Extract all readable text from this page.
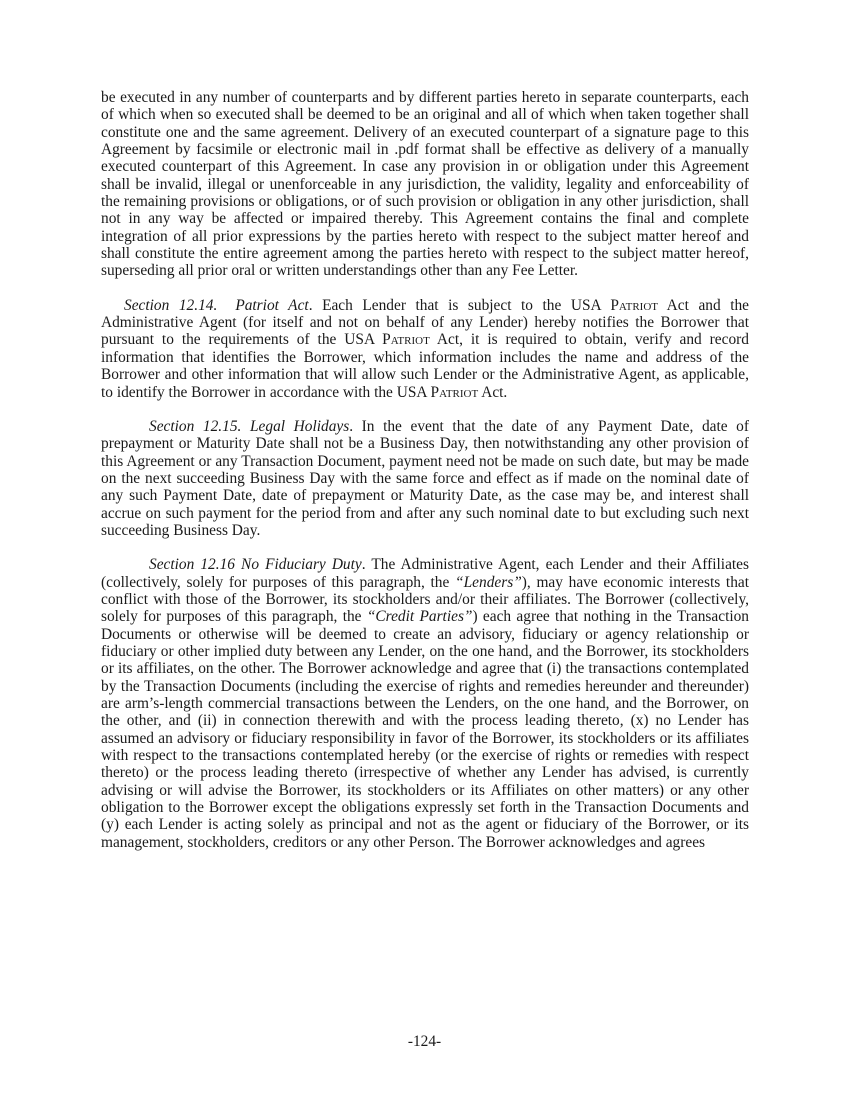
be executed in any number of counterparts and by different parties hereto in separate counterparts, each of which when so executed shall be deemed to be an original and all of which when taken together shall constitute one and the same agreement. Delivery of an executed counterpart of a signature page to this Agreement by facsimile or electronic mail in .pdf format shall be effective as delivery of a manually executed counterpart of this Agreement. In case any provision in or obligation under this Agreement shall be invalid, illegal or unenforceable in any jurisdiction, the validity, legality and enforceability of the remaining provisions or obligations, or of such provision or obligation in any other jurisdiction, shall not in any way be affected or impaired thereby. This Agreement contains the final and complete integration of all prior expressions by the parties hereto with respect to the subject matter hereof and shall constitute the entire agreement among the parties hereto with respect to the subject matter hereof, superseding all prior oral or written understandings other than any Fee Letter.

Section 12.14. Patriot Act. Each Lender that is subject to the USA Patriot Act and the Administrative Agent (for itself and not on behalf of any Lender) hereby notifies the Borrower that pursuant to the requirements of the USA Patriot Act, it is required to obtain, verify and record information that identifies the Borrower, which information includes the name and address of the Borrower and other information that will allow such Lender or the Administrative Agent, as applicable, to identify the Borrower in accordance with the USA Patriot Act.

Section 12.15. Legal Holidays. In the event that the date of any Payment Date, date of prepayment or Maturity Date shall not be a Business Day, then notwithstanding any other provision of this Agreement or any Transaction Document, payment need not be made on such date, but may be made on the next succeeding Business Day with the same force and effect as if made on the nominal date of any such Payment Date, date of prepayment or Maturity Date, as the case may be, and interest shall accrue on such payment for the period from and after any such nominal date to but excluding such next succeeding Business Day.

Section 12.16 No Fiduciary Duty. The Administrative Agent, each Lender and their Affiliates (collectively, solely for purposes of this paragraph, the “Lenders”), may have economic interests that conflict with those of the Borrower, its stockholders and/or their affiliates. The Borrower (collectively, solely for purposes of this paragraph, the “Credit Parties”) each agree that nothing in the Transaction Documents or otherwise will be deemed to create an advisory, fiduciary or agency relationship or fiduciary or other implied duty between any Lender, on the one hand, and the Borrower, its stockholders or its affiliates, on the other. The Borrower acknowledge and agree that (i) the transactions contemplated by the Transaction Documents (including the exercise of rights and remedies hereunder and thereunder) are arm’s-length commercial transactions between the Lenders, on the one hand, and the Borrower, on the other, and (ii) in connection therewith and with the process leading thereto, (x) no Lender has assumed an advisory or fiduciary responsibility in favor of the Borrower, its stockholders or its affiliates with respect to the transactions contemplated hereby (or the exercise of rights or remedies with respect thereto) or the process leading thereto (irrespective of whether any Lender has advised, is currently advising or will advise the Borrower, its stockholders or its Affiliates on other matters) or any other obligation to the Borrower except the obligations expressly set forth in the Transaction Documents and (y) each Lender is acting solely as principal and not as the agent or fiduciary of the Borrower, or its management, stockholders, creditors or any other Person. The Borrower acknowledges and agrees

-124-
